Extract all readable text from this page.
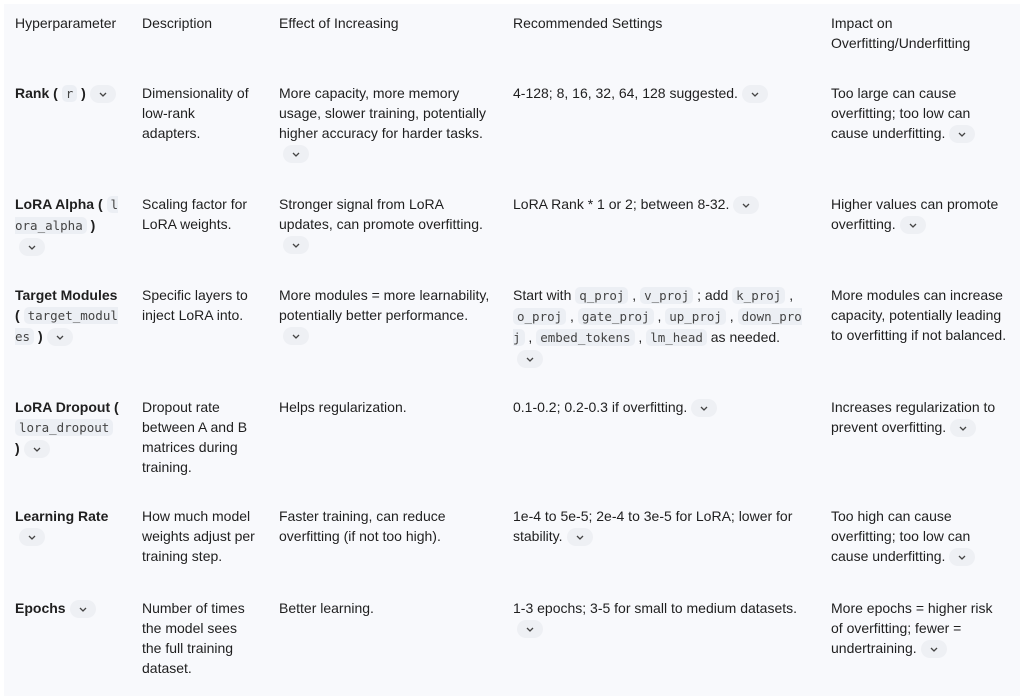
Hyperparameter	Description	Effect of Increasing	Recommended Settings	Impact on Overfitting/Underfitting
Rank ( r )	Dimensionality of low-rank adapters.	More capacity, more memory usage, slower training, potentially higher accuracy for harder tasks.	4-128; 8, 16, 32, 64, 128 suggested.	Too large can cause overfitting; too low can cause underfitting.
LoRA Alpha ( lora_alpha )	Scaling factor for LoRA weights.	Stronger signal from LoRA updates, can promote overfitting.	LoRA Rank * 1 or 2; between 8-32.	Higher values can promote overfitting.
Target Modules ( target_modules )	Specific layers to inject LoRA into.	More modules = more learnability, potentially better performance.	Start with q_proj , v_proj ; add k_proj , o_proj , gate_proj , up_proj , down_proj , embed_tokens , lm_head as needed.	More modules can increase capacity, potentially leading to overfitting if not balanced.
LoRA Dropout ( lora_dropout )	Dropout rate between A and B matrices during training.	Helps regularization.	0.1-0.2; 0.2-0.3 if overfitting.	Increases regularization to prevent overfitting.
Learning Rate	How much model weights adjust per training step.	Faster training, can reduce overfitting (if not too high).	1e-4 to 5e-5; 2e-4 to 3e-5 for LoRA; lower for stability.	Too high can cause overfitting; too low can cause underfitting.
Epochs	Number of times the model sees the full training dataset.	Better learning.	1-3 epochs; 3-5 for small to medium datasets.	More epochs = higher risk of overfitting; fewer = undertraining.
